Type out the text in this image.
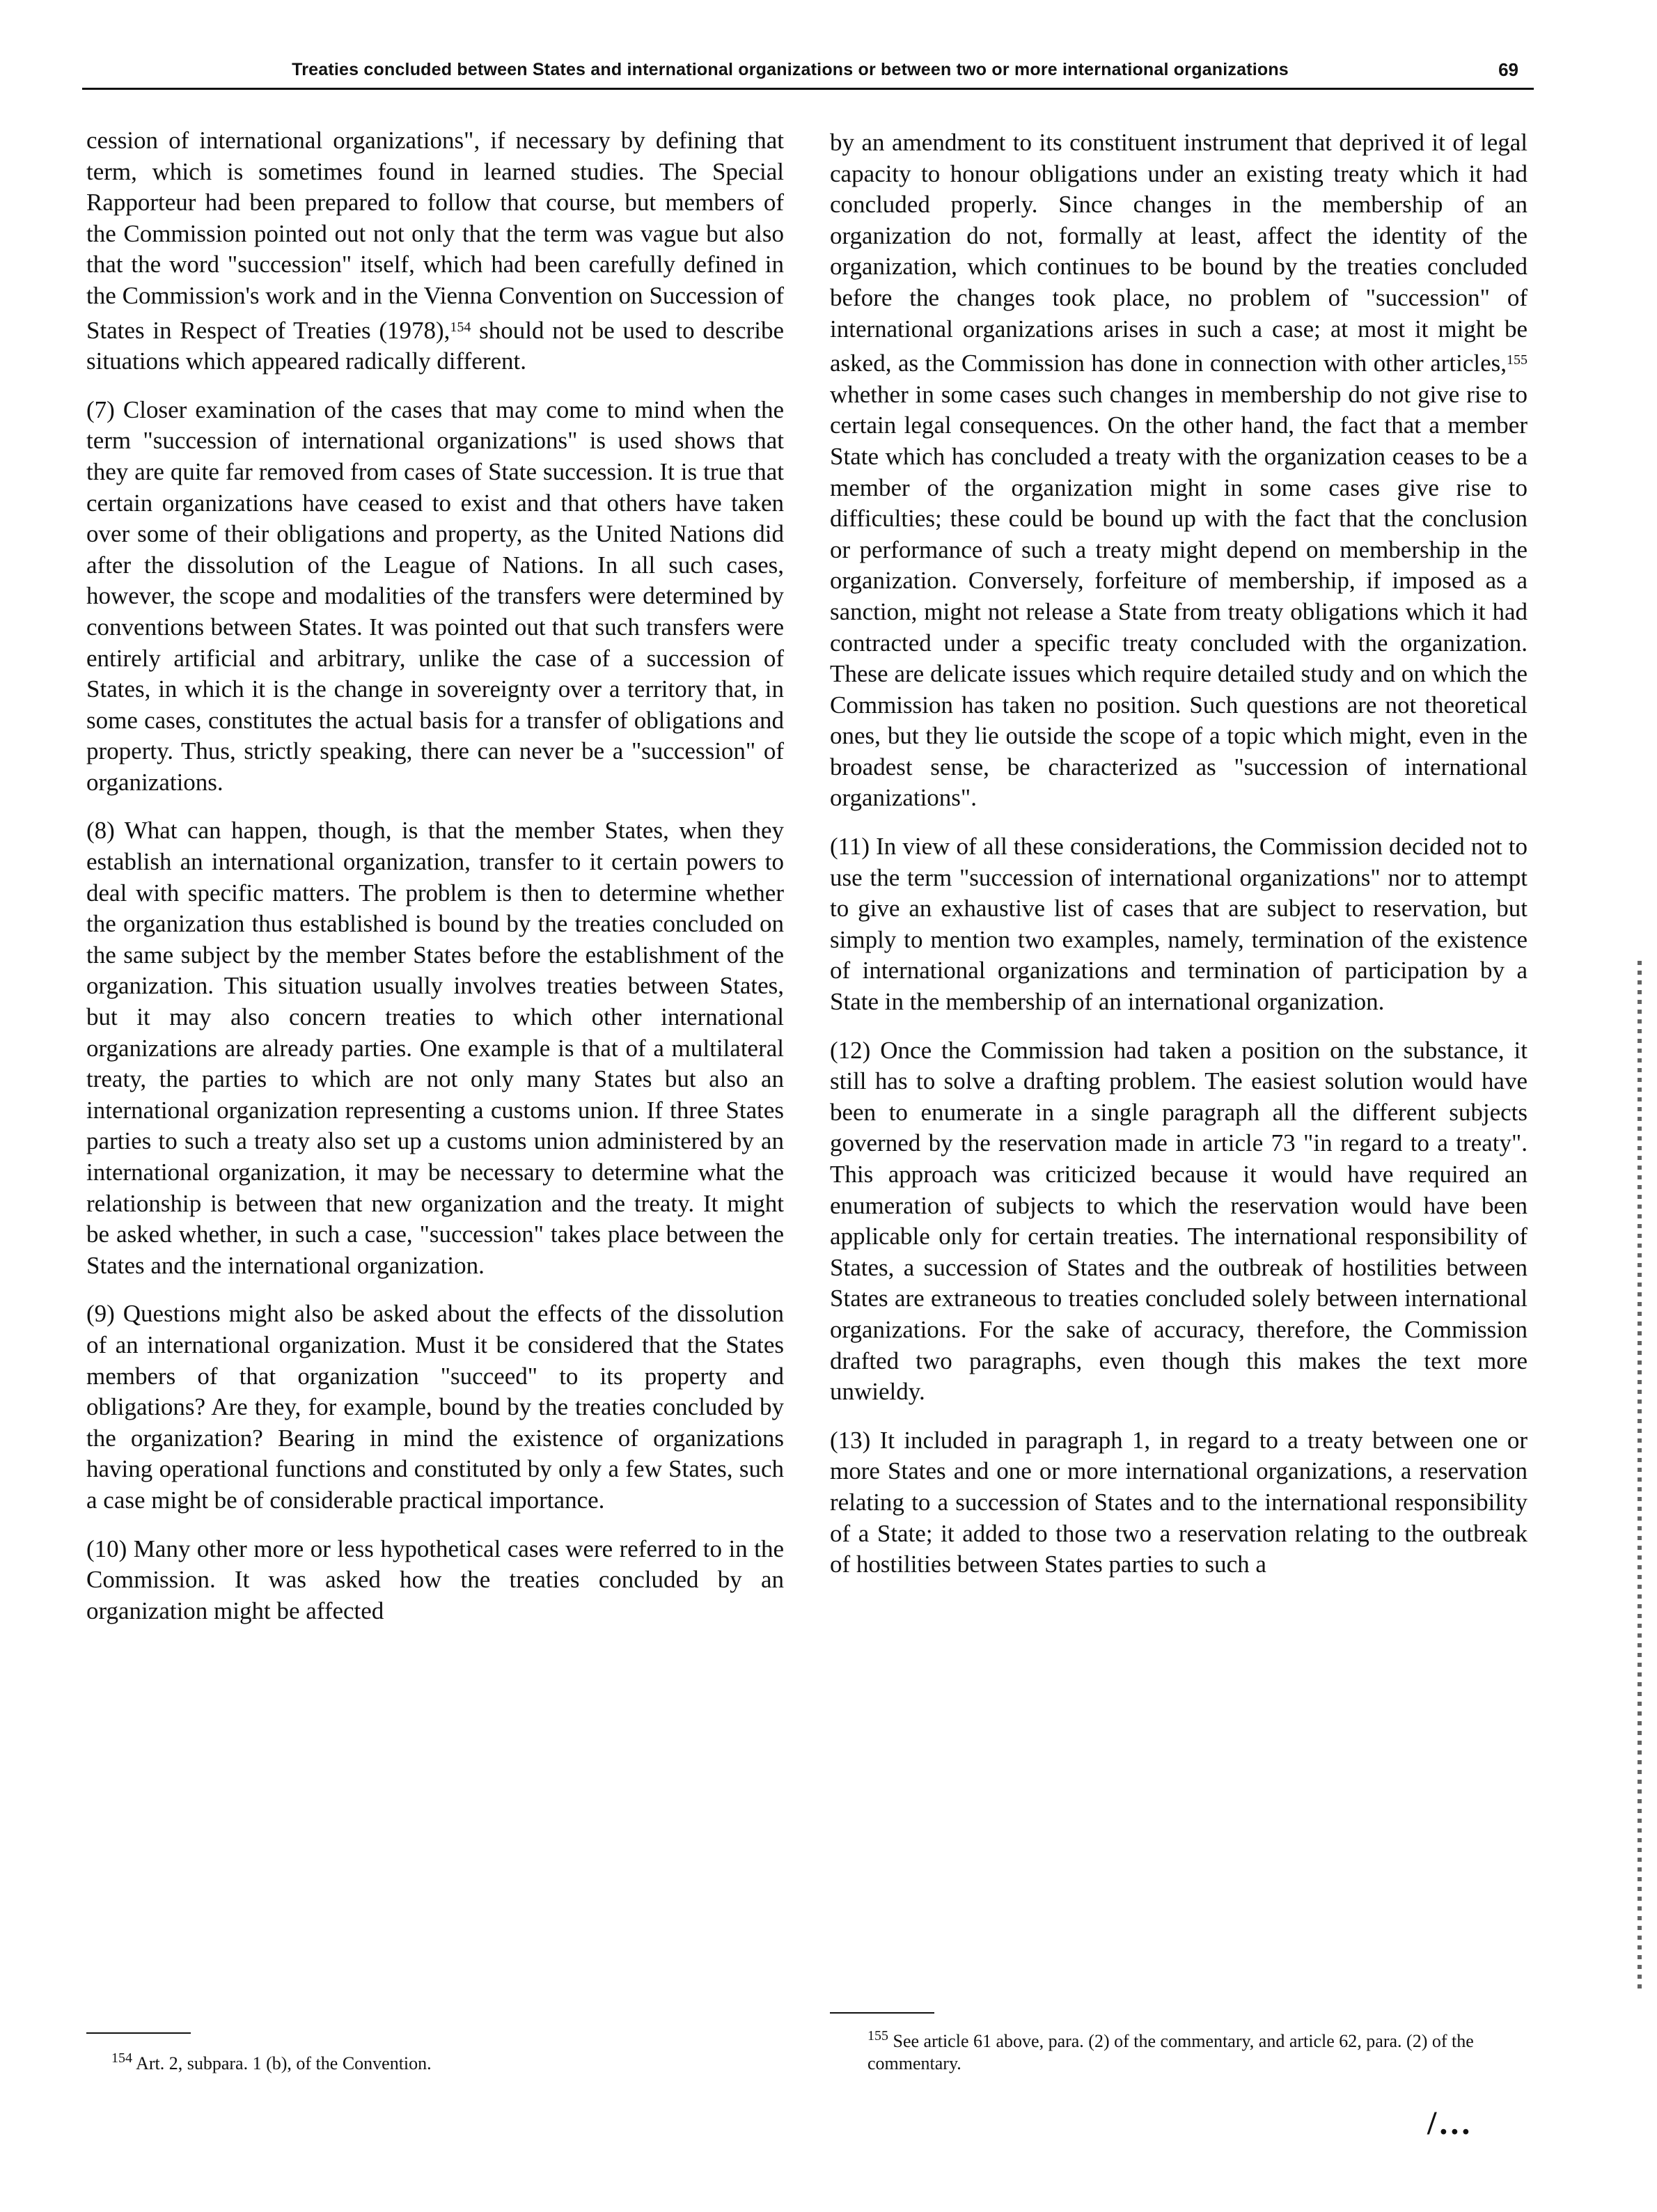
Treaties concluded between States and international organizations or between two or more international organizations	69

cession of international organizations", if necessary by defining that term, which is sometimes found in learned studies. The Special Rapporteur had been prepared to follow that course, but members of the Commission pointed out not only that the term was vague but also that the word "succession" itself, which had been carefully defined in the Commission's work and in the Vienna Convention on Succession of States in Respect of Treaties (1978),$^{154}$ should not be used to describe situations which appeared radically different.

(7) Closer examination of the cases that may come to mind when the term "succession of international organizations" is used shows that they are quite far removed from cases of State succession. It is true that certain organizations have ceased to exist and that others have taken over some of their obligations and property, as the United Nations did after the dissolution of the League of Nations. In all such cases, however, the scope and modalities of the transfers were determined by conventions between States. It was pointed out that such transfers were entirely artificial and arbitrary, unlike the case of a succession of States, in which it is the change in sovereignty over a territory that, in some cases, constitutes the actual basis for a transfer of obligations and property. Thus, strictly speaking, there can never be a "succession" of organizations.

(8) What can happen, though, is that the member States, when they establish an international organization, transfer to it certain powers to deal with specific matters. The problem is then to determine whether the organization thus established is bound by the treaties concluded on the same subject by the member States before the establishment of the organization. This situation usually involves treaties between States, but it may also concern treaties to which other international organizations are already parties. One example is that of a multilateral treaty, the parties to which are not only many States but also an international organization representing a customs union. If three States parties to such a treaty also set up a customs union administered by an international organization, it may be necessary to determine what the relationship is between that new organization and the treaty. It might be asked whether, in such a case, "succession" takes place between the States and the international organization.

(9) Questions might also be asked about the effects of the dissolution of an international organization. Must it be considered that the States members of that organization "succeed" to its property and obligations? Are they, for example, bound by the treaties concluded by the organization? Bearing in mind the existence of organizations having operational functions and constituted by only a few States, such a case might be of considerable practical importance.

(10) Many other more or less hypothetical cases were referred to in the Commission. It was asked how the treaties concluded by an organization might be affected

by an amendment to its constituent instrument that deprived it of legal capacity to honour obligations under an existing treaty which it had concluded properly. Since changes in the membership of an organization do not, formally at least, affect the identity of the organization, which continues to be bound by the treaties concluded before the changes took place, no problem of "succession" of international organizations arises in such a case; at most it might be asked, as the Commission has done in connection with other articles,$^{155}$ whether in some cases such changes in membership do not give rise to certain legal consequences. On the other hand, the fact that a member State which has concluded a treaty with the organization ceases to be a member of the organization might in some cases give rise to difficulties; these could be bound up with the fact that the conclusion or performance of such a treaty might depend on membership in the organization. Conversely, forfeiture of membership, if imposed as a sanction, might not release a State from treaty obligations which it had contracted under a specific treaty concluded with the organization. These are delicate issues which require detailed study and on which the Commission has taken no position. Such questions are not theoretical ones, but they lie outside the scope of a topic which might, even in the broadest sense, be characterized as "succession of international organizations".

(11) In view of all these considerations, the Commission decided not to use the term "succession of international organizations" nor to attempt to give an exhaustive list of cases that are subject to reservation, but simply to mention two examples, namely, termination of the existence of international organizations and termination of participation by a State in the membership of an international organization.

(12) Once the Commission had taken a position on the substance, it still has to solve a drafting problem. The easiest solution would have been to enumerate in a single paragraph all the different subjects governed by the reservation made in article 73 "in regard to a treaty". This approach was criticized because it would have required an enumeration of subjects to which the reservation would have been applicable only for certain treaties. The international responsibility of States, a succession of States and the outbreak of hostilities between States are extraneous to treaties concluded solely between international organizations. For the sake of accuracy, therefore, the Commission drafted two paragraphs, even though this makes the text more unwieldy.

(13) It included in paragraph 1, in regard to a treaty between one or more States and one or more international organizations, a reservation relating to a succession of States and to the international responsibility of a State; it added to those two a reservation relating to the outbreak of hostilities between States parties to such a

$^{154}$ Art. 2, subpara. 1 (b), of the Convention.
$^{155}$ See article 61 above, para. (2) of the commentary, and article 62, para. (2) of the commentary.
/...
